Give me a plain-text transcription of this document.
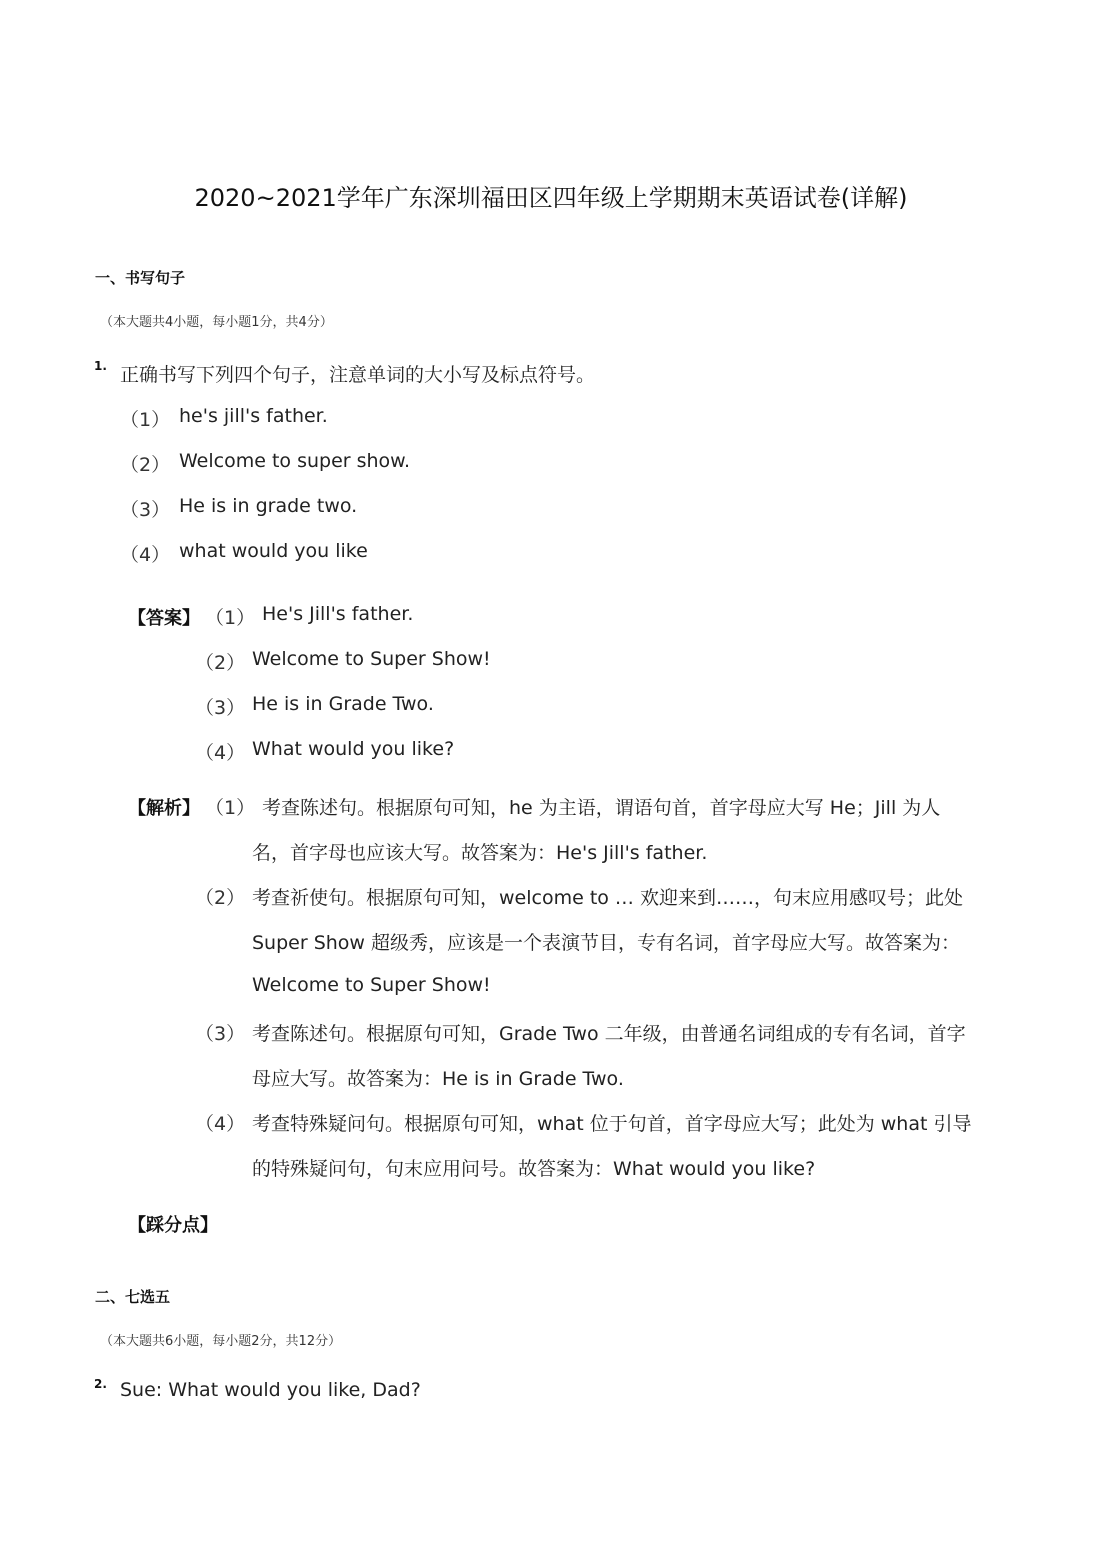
2020~2021学年广东深圳福田区四年级上学期期末英语试卷(详解)
一、书写句子
（本大题共4小题，每小题1分，共4分）
1. 正确书写下列四个句子，注意单词的大小写及标点符号。
（1） he's jill's father.
（2） Welcome to super show.
（3） He is in grade two.
（4） what would you like
【答案】 （1） He's Jill's father.
（2） Welcome to Super Show!
（3） He is in Grade Two.
（4） What would you like?
【解析】 （1） 考查陈述句。根据原句可知，he 为主语，谓语句首，首字母应大写 He；Jill 为人
名，首字母也应该大写。故答案为：He's Jill's father.
（2） 考查祈使句。根据原句可知，welcome to … 欢迎来到……，句末应用感叹号；此处
Super Show 超级秀，应该是一个表演节目，专有名词，首字母应大写。故答案为：
Welcome to Super Show!
（3） 考查陈述句。根据原句可知，Grade Two 二年级，由普通名词组成的专有名词，首字
母应大写。故答案为：He is in Grade Two.
（4） 考查特殊疑问句。根据原句可知，what 位于句首，首字母应大写；此处为 what 引导
的特殊疑问句，句末应用问号。故答案为：What would you like?
【踩分点】
二、七选五
（本大题共6小题，每小题2分，共12分）
2. Sue: What would you like, Dad?
